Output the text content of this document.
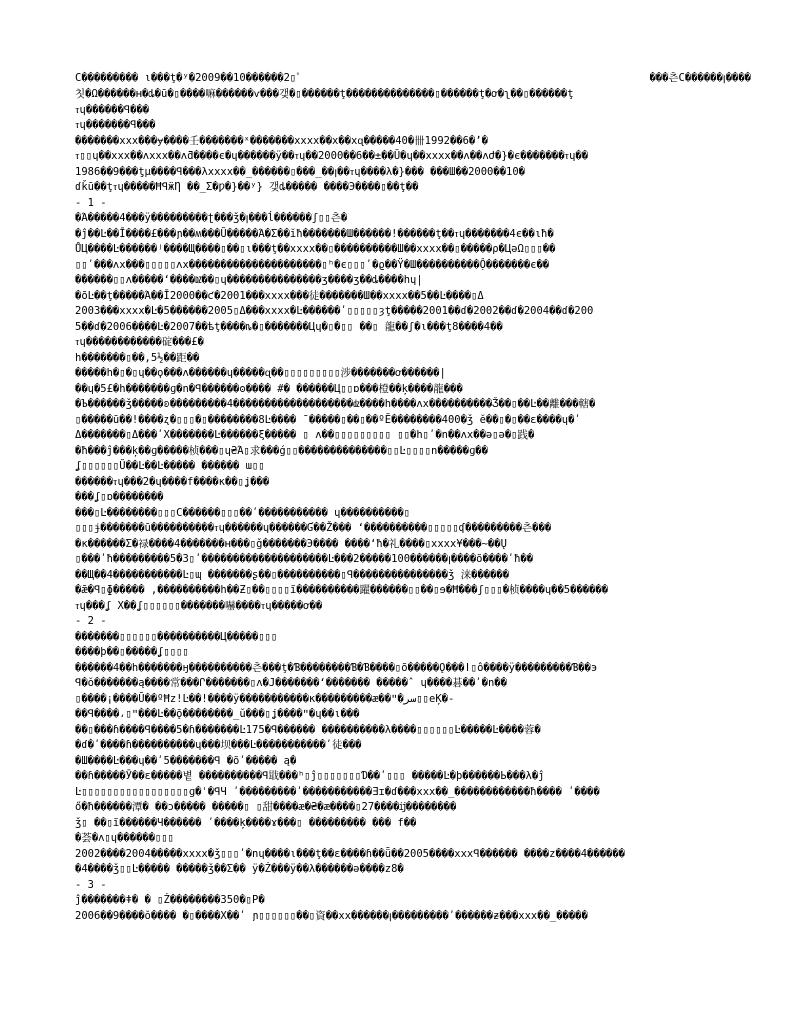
C��������� ι���ţ�ʸ�2009��10������2▯ﾟ	���츤C������ꞁ����
칫�Ω������ʜ�ȡ�ū�▯����嘛������ѵ���갲�▯������ţ��������������▯������ţ�ơ�ʅ��▯������ţ
ⲧɥ������ꟼ���
ⲧɥ�������ꟼ���
�������xxx���ɏ����壬�������ˣ�������xxxx��x��xɋ�����40�卌1992��6�ʼ�
ⲧ▯▯ɥ��xxx��ʌxxx��ʌƌ����є�ɥ������ӱ��ⲧɥ��2000��6��±��Ŭ�ɥ��xxxx��ʌ��ʌԺ�}�є�������ⲧɥ��
1986��9���ƫµ����ꟼ���λxxxx��_������▯���_��ꞁ��ⲧɥ����λ�}��� ���Ш��2000��10�
ɗǩū��ţⲧɥ�����ĦꟼӝȠ ��_Σ�Ƿ�}��ʸ} 갲ȡ����� ����Э����▯��ţ��
- 1 -
�Ά�����4���ӱ���������ʈ���ǯ�ꞁ���ĺ������ʃ▯▯츤�
�ĵ��Ŀ��Ī����£���ɲ��ʍ���Ũ�����Ά�Σ��ĭħ�������Ш������ǃ������ţ��ⲧɥ�������4є��ιħ�
ŮЦ����Ŀ������ʲ����Щ����▯��▯ι���ţ��xxxx��▯����������Ш��xxxx��▯�����ρ�ЦǝΩ▯▯▯��
▯▯ʹ���ʌx���▯▯▯▯▯ʌx���������������������▯ʰ�є▯▯▯ʹ�ϱ��Ÿ�Ш����������Ộ�������є��
������▯▯ʌ�����ʻ����Ǳ��▯ɥ���������������ʒ����ʒ��ȡ����hɥ|
�õĿ��ţ�����Ά��Ī2000��ƈ�2001���xxxx���徒�������Ш��xxxx��5��Ŀ����▯Δ
2003���xxxx�Ŀ�5������2005▯Δ���xxxx�Ŀ������ʹ▯▯▯▯▯ȝţ�����2001��ɗ�2002��ɗ�2004��ɗ�200
5��ɗ�2006����Ŀ�2007��ѣţ����ȵ�▯�������Цɥ�▯�▯▯ ��▯ 龍��ʃ�ι���ţ8����4��
ⲧɥ������������碇���£�
h�������▯��,5½��距��
�����h�▯�▯ɥ��ϙ���ʌ������ɥ�����ɋ��▯▯▯▯▯▯▯▯▯涉�������ơ������|
��ɥ�5£�h�������ɡ�n�ꟼ������ʘ���� #� ������Ц▯▯ɒ���橙��ķ����龍���
�Ъ������ǯ�����ʚ���������4�������������������ǳ����h����ʌx����������Ǯ��▯��Ŀ��離���轄�
▯�����ū��!����ʐ�▯▯▯�▯��������8Ŀ���� ˉ�����▯��▯��ºĔ��������400�ǯ ĕ��▯�▯��ɛ����ɥ�ʹ
Δ�������▯Δ���ʹX�������Ŀ������ξ����� ▯ ʌ��▯▯▯▯▯▯▯▯▯ ▯▯�h▯ʹ�n��ʌx��ǝ▯ǝ�▯践�
�ħ���ĵ���ķ��ɡ�����桢���▯ɥ₴Ά▯求���ǵ▯▯��������������▯▯Ŀ▯▯▯▯n�����ɡ��
ʆ▯▯▯▯▯▯Ŭ��Ŀ��Ŀ����� ������ ɯ▯▯
������ⲧɥ���2�ɥ����f����ĸ��▯ʝ���
���ʆ▯ɒ��������
���▯Ŀ��������▯▯▯C������▯▯▯��ʹ����������� ɥ����������▯
▯▯▯ɉ�������ū����������ⲧɥ������ɥ������Ɠ��Ž��� ʻ����������▯▯▯▯▯ʠ���������츤���
�ĸ������Σ�禄����4�������ʜ���▯ǧ�������Э���� ����ʻħ�礼����▯xxxx¥���~��Ų
▯���ʹħ���������5�3▯ʹ��������������������Ŀ���2�����100������ꞁ����õ����ʹħ��
��Щ��4�����������Ŀ▯ɰ �������ʂ��▯����������▯ꟼ���������������ǯ 涞������
�ǣ�ꟼ▯ɸ����� ,����������h��Ƶ▯��▯▯▯▯ĩ����������躍������▯▯��▯ɘ�Ħ���ʃ▯▯▯�桢����ɥ��5������
ⲧɥ���ʆ Χ��ʆ▯▯▯▯▯▯�������嚇����ⲧɥ�����ơ��
- 2 -
�������▯▯▯▯▯▯����������Ц�����▯▯▯
����þ��▯�����ʆ▯▯▯▯
������4��h�������ӈ����������츤���ţ�Ɓ��������Ɓ�Ɓ����▯õ�����Ǫ���ǀ▯ô����ӱ���������Ɓ��э
ꟼ�ŏ�������ą����常���Ր�������▯ʌ�Ϳ�������ʻ������� �����ˆ ɥ����碁��ʹ�n��
▯����¡����Ū��ºĦz!Ŀ��ǃ����ӱ�����������κ���������æ��ʺ�سر▯▯eĶ�-
��ꟼ����،▯ʺ���Ŀ��ǭ��������_ŭ���▯ʝ����ʺ�ɥ��ι���
��▯���ɦ����ꟼ����5�ɦ�������Ŀ175�ꟼ������ ����������λ����▯▯▯▯▯▯Ŀ�����Ŀ����蓉�
�ɗ�ʹ����ɦ����������ɥ���坝���Ŀ�����������ʹ徒���
�Ш����Ŀ���ɥ��ʹ5�������ꟼ �õʹ����� ą�
��ɦ�����Ӯ��ɛ�����볕 ����������ꟼ戢���ʰ▯ĵ▯▯▯▯▯▯▯Ɗ��ʹ▯▯▯ �����Ŀ�þ������Ь���λ�ĵ
Ŀ▯▯▯▯▯▯▯▯▯▯▯▯▯▯▯▯▯ɡ�ˈ�ꟼЧ ʹ���������ʹ�����������Ǝɪ�ɗ���xxx��_������������ħ���� ʹ����
ő�ħ������潭� ��ɔ����� �����▯ ▯甜����æ�₴�æ����▯27����ĳ��������
ǯ▯ ��▯ĩ������Ч������ ʹ����ķ����ɤ���▯ ��������� ��� f��
�荟�ʌ▯ɥ������▯▯▯
2002����2004�����xxxx�ǯ▯▯▯ʹ�nɥ����ι���ţ��ɛ����ɦ��ǖ��2005����xxxꟼ������ ����z����4������
�4����ǯ▯▯Ŀ����� �����ǯ��Σ�� ӱ�Ż���ӱ��λ������ǝ����z8�
- 3 -
ĵ�������ǂ� � ▯Ż��������350�▯Ρ�
2006��9����ŏ���� �▯����Χ��ʹ ɲ▯▯▯▯▯▯��▯資��xx������ꞁ���������ʹ������ƶ���xxx��_�����
